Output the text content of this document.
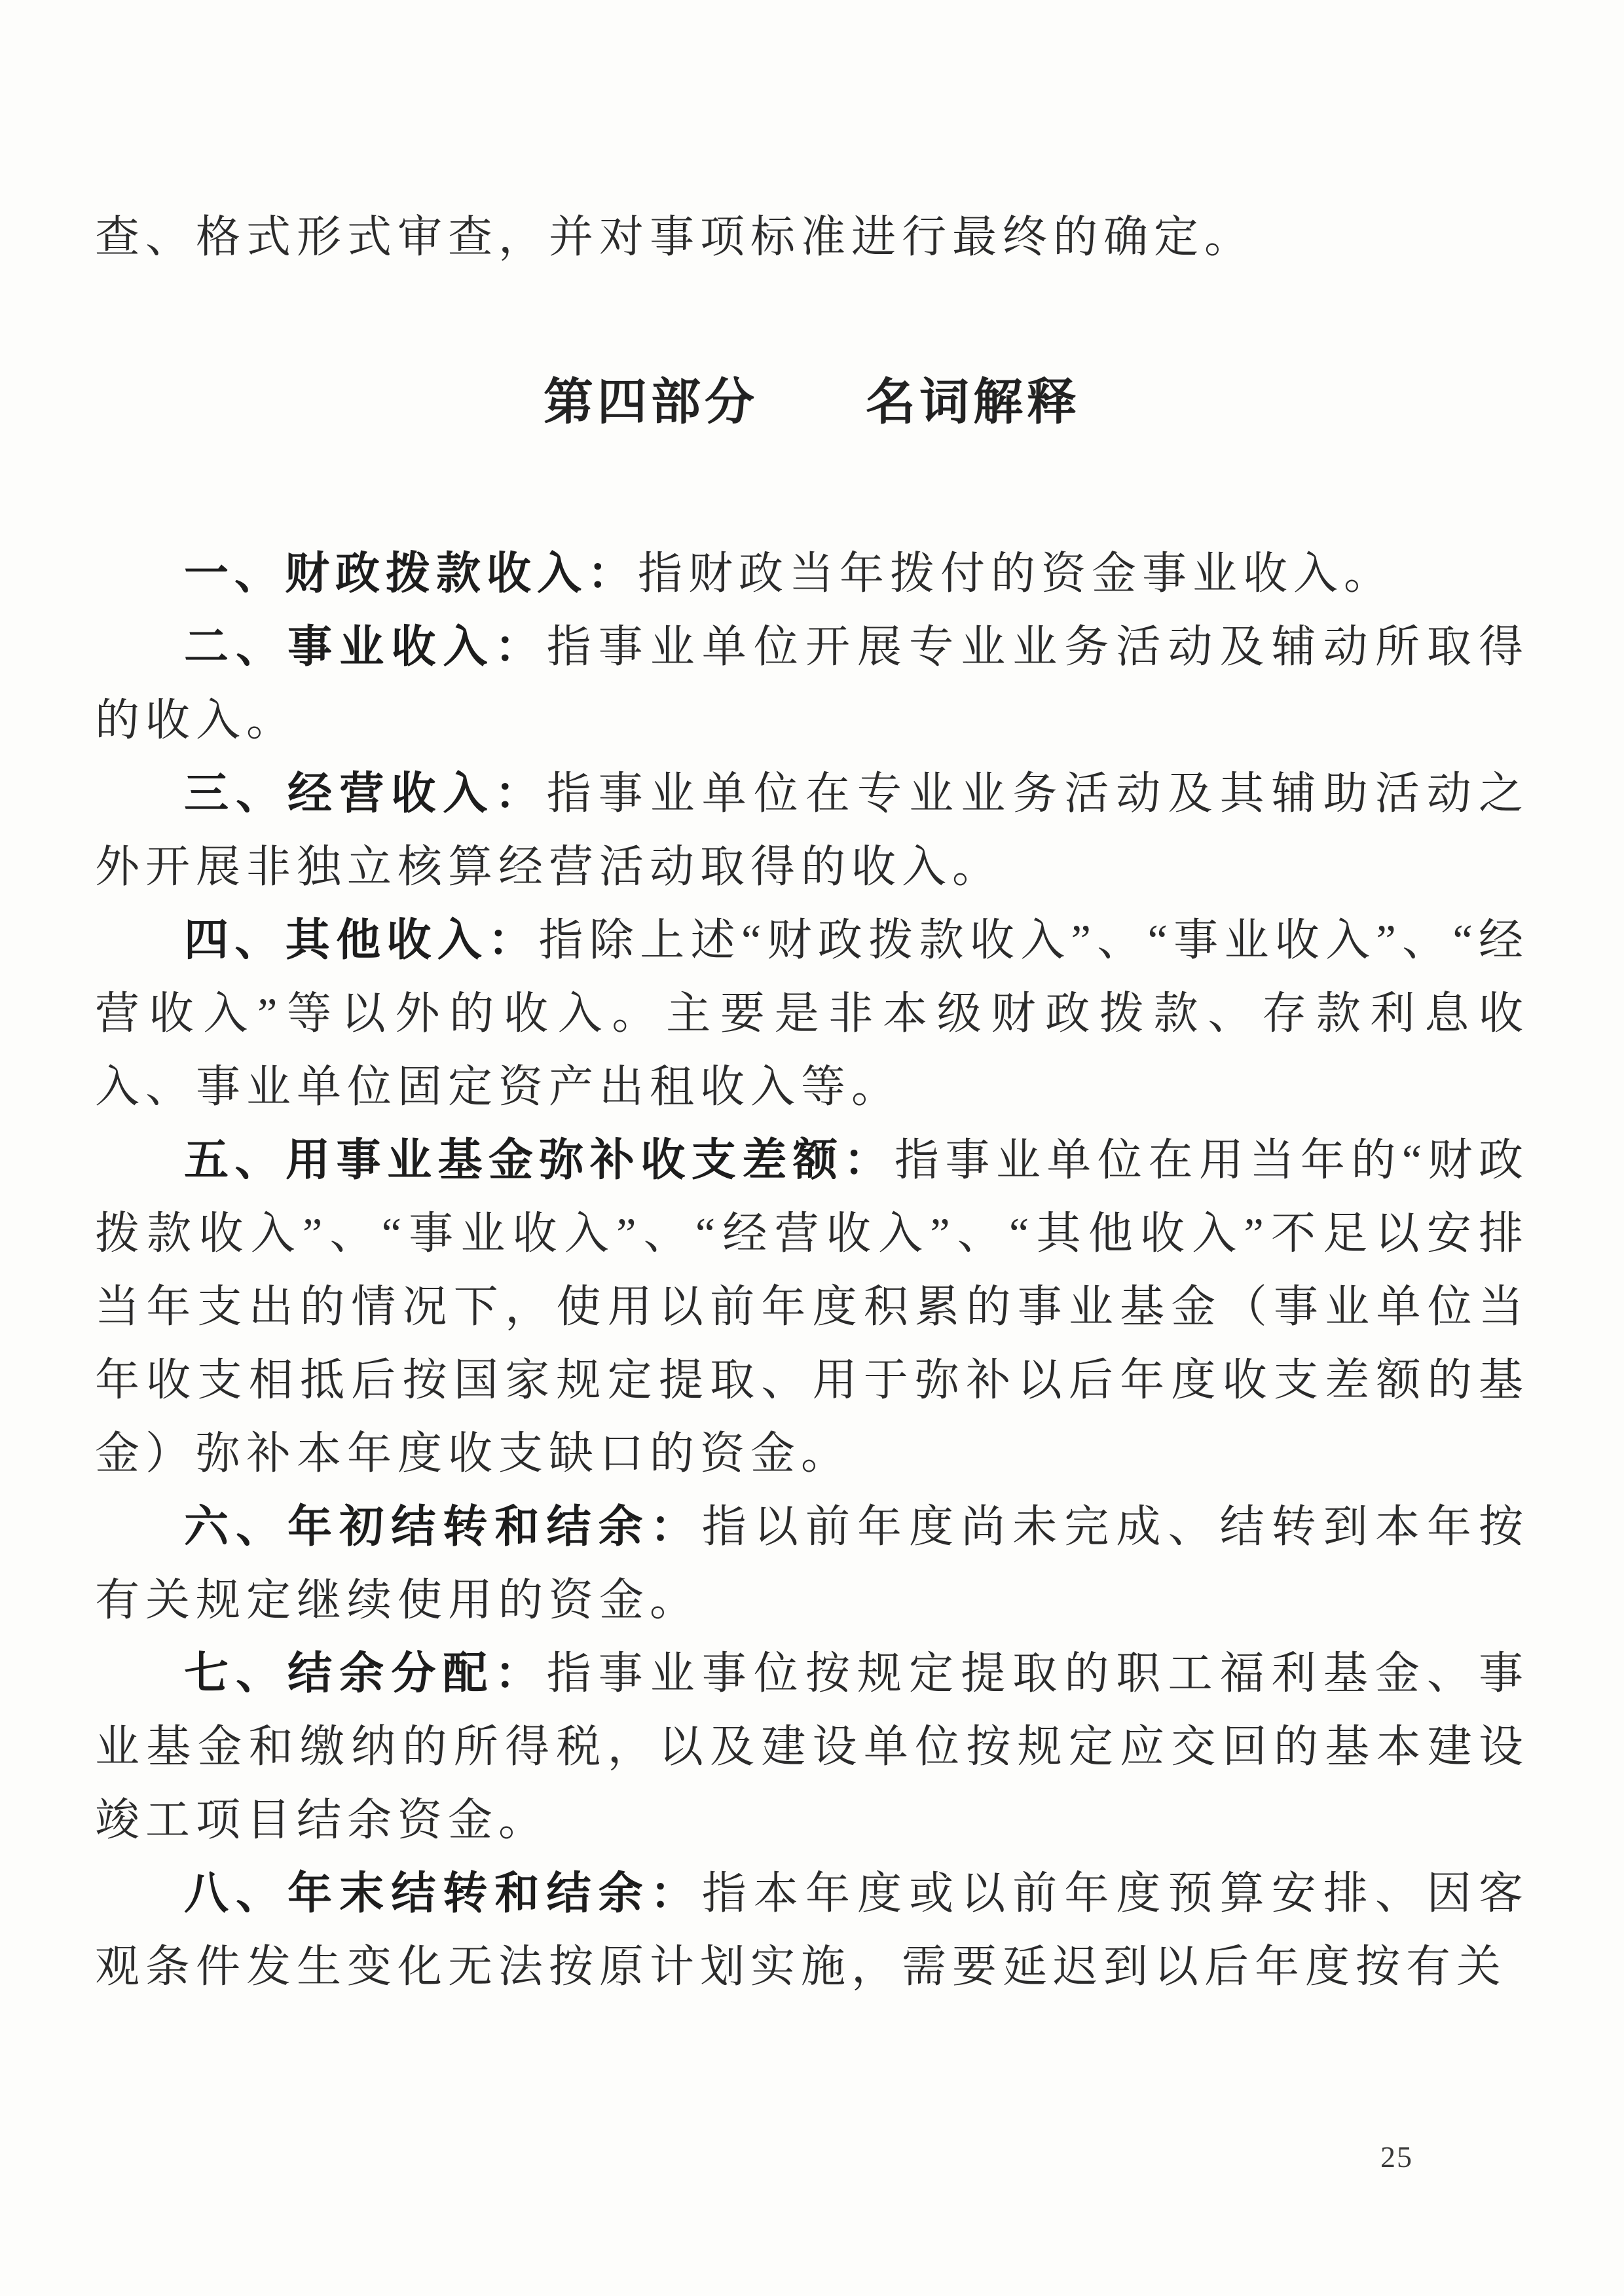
查、格式形式审查，并对事项标准进行最终的确定。

第四部分　　名词解释

一、财政拨款收入：指财政当年拨付的资金事业收入。

二、事业收入：指事业单位开展专业业务活动及辅动所取得的收入。

三、经营收入：指事业单位在专业业务活动及其辅助活动之外开展非独立核算经营活动取得的收入。

四、其他收入：指除上述“财政拨款收入”、“事业收入”、“经营收入”等以外的收入。主要是非本级财政拨款、存款利息收入、事业单位固定资产出租收入等。

五、用事业基金弥补收支差额：指事业单位在用当年的“财政拨款收入”、“事业收入”、“经营收入”、“其他收入”不足以安排当年支出的情况下，使用以前年度积累的事业基金（事业单位当年收支相抵后按国家规定提取、用于弥补以后年度收支差额的基金）弥补本年度收支缺口的资金。

六、年初结转和结余：指以前年度尚未完成、结转到本年按有关规定继续使用的资金。

七、结余分配：指事业事位按规定提取的职工福利基金、事业基金和缴纳的所得税，以及建设单位按规定应交回的基本建设竣工项目结余资金。

八、年末结转和结余：指本年度或以前年度预算安排、因客观条件发生变化无法按原计划实施，需要延迟到以后年度按有关

25
